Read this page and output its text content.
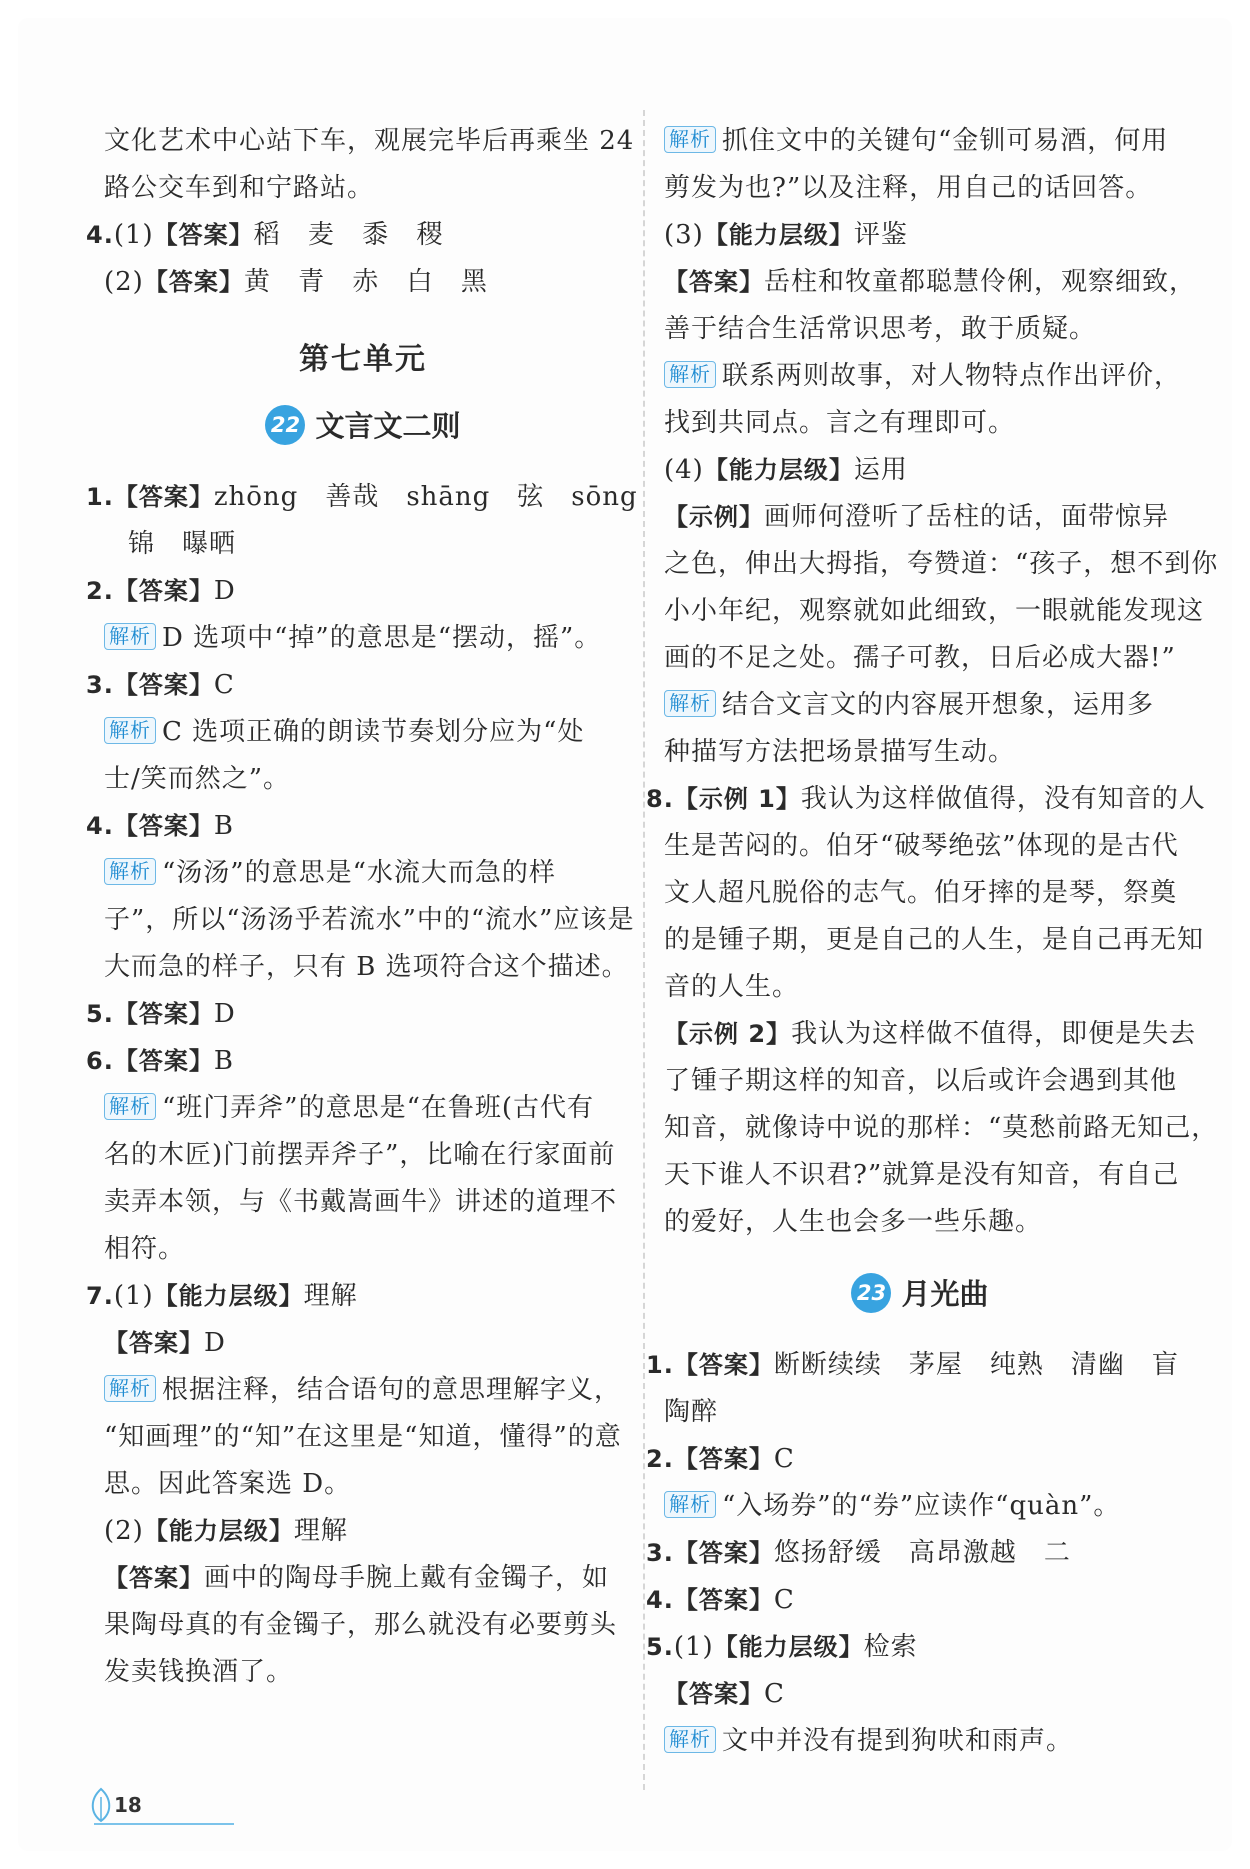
文化艺术中心站下车，观展完毕后再乘坐 24
路公交车到和宁路站。
4.(1)【答案】稻 麦 黍 稷
(2)【答案】黄 青 赤 白 黑
第七单元
22 文言文二则
1.【答案】zhōng　善哉　shāng　弦　sōng
锦　曝晒
2.【答案】D
解析 D 选项中“掉”的意思是“摆动，摇”。
3.【答案】C
解析 C 选项正确的朗读节奏划分应为“处
士/笑而然之”。
4.【答案】B
解析 “汤汤”的意思是“水流大而急的样
子”，所以“汤汤乎若流水”中的“流水”应该是
大而急的样子，只有 B 选项符合这个描述。
5.【答案】D
6.【答案】B
解析 “班门弄斧”的意思是“在鲁班(古代有
名的木匠)门前摆弄斧子”，比喻在行家面前
卖弄本领，与《书戴嵩画牛》讲述的道理不
相符。
7.(1)【能力层级】理解
【答案】D
解析 根据注释，结合语句的意思理解字义，
“知画理”的“知”在这里是“知道，懂得”的意
思。因此答案选 D。
(2)【能力层级】理解
【答案】画中的陶母手腕上戴有金镯子，如
果陶母真的有金镯子，那么就没有必要剪头
发卖钱换酒了。
解析 抓住文中的关键句“金钏可易酒，何用
剪发为也?”以及注释，用自己的话回答。
(3)【能力层级】评鉴
【答案】岳柱和牧童都聪慧伶俐，观察细致，
善于结合生活常识思考，敢于质疑。
解析 联系两则故事，对人物特点作出评价，
找到共同点。言之有理即可。
(4)【能力层级】运用
【示例】画师何澄听了岳柱的话，面带惊异
之色，伸出大拇指，夸赞道：“孩子，想不到你
小小年纪，观察就如此细致，一眼就能发现这
画的不足之处。孺子可教，日后必成大器!”
解析 结合文言文的内容展开想象，运用多
种描写方法把场景描写生动。
8.【示例 1】我认为这样做值得，没有知音的人
生是苦闷的。伯牙“破琴绝弦”体现的是古代
文人超凡脱俗的志气。伯牙摔的是琴，祭奠
的是锺子期，更是自己的人生，是自己再无知
音的人生。
【示例 2】我认为这样做不值得，即便是失去
了锺子期这样的知音，以后或许会遇到其他
知音，就像诗中说的那样：“莫愁前路无知己，
天下谁人不识君?”就算是没有知音，有自己
的爱好，人生也会多一些乐趣。
23 月光曲
1.【答案】断断续续　茅屋　纯熟　清幽　盲
陶醉
2.【答案】C
解析 “入场券”的“券”应读作“quàn”。
3.【答案】悠扬舒缓　高昂激越　二
4.【答案】C
5.(1)【能力层级】检索
【答案】C
解析 文中并没有提到狗吠和雨声。
18
